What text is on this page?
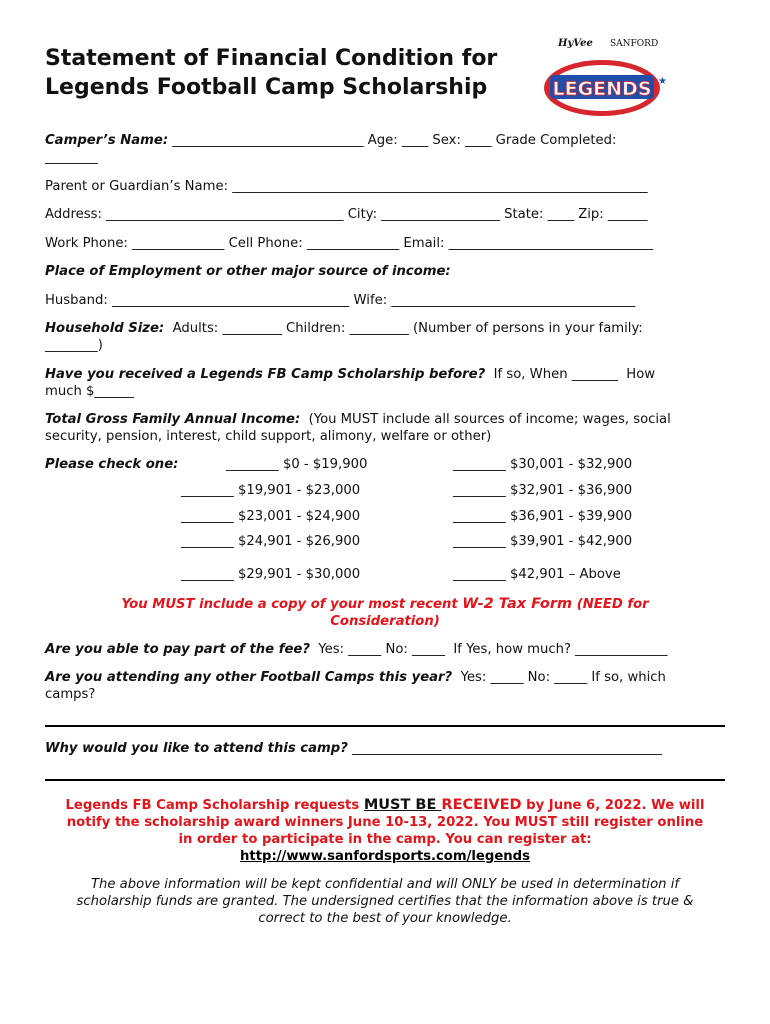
Statement of Financial Condition for
Legends Football Camp Scholarship
HyVee SANFORD
LEGENDS ★
Camper’s Name: _____________________________ Age: ____ Sex: ____ Grade Completed:
________
Parent or Guardian’s Name: _______________________________________________________________
Address: ____________________________________ City: __________________ State: ____ Zip: ______
Work Phone: ______________ Cell Phone: ______________ Email: _______________________________
Place of Employment or other major source of income:
Husband: ____________________________________ Wife: _____________________________________
Household Size:  Adults: _________ Children: _________ (Number of persons in your family:
________)
Have you received a Legends FB Camp Scholarship before?  If so, When _______  How
much $______
Total Gross Family Annual Income:  (You MUST include all sources of income; wages, social
security, pension, interest, child support, alimony, welfare or other)
Please check one:	________ $0 - $19,900
________ $19,901 - $23,000
________ $23,001 - $24,900
________ $24,901 - $26,900
________ $29,901 - $30,000
________ $30,001 - $32,900
________ $32,901 - $36,900
________ $36,901 - $39,900
________ $39,901 - $42,900
________ $42,901 – Above
You MUST include a copy of your most recent W-2 Tax Form (NEED for
Consideration)
Are you able to pay part of the fee?  Yes: _____ No: _____  If Yes, how much? ______________
Are you attending any other Football Camps this year?  Yes: _____ No: _____ If so, which
camps?
Why would you like to attend this camp? _______________________________________________
Legends FB Camp Scholarship requests MUST BE RECEIVED by June 6, 2022. We will
notify the scholarship award winners June 10-13, 2022. You MUST still register online
in order to participate in the camp. You can register at:
http://www.sanfordsports.com/legends
The above information will be kept confidential and will ONLY be used in determination if
scholarship funds are granted. The undersigned certifies that the information above is true &
correct to the best of your knowledge.
